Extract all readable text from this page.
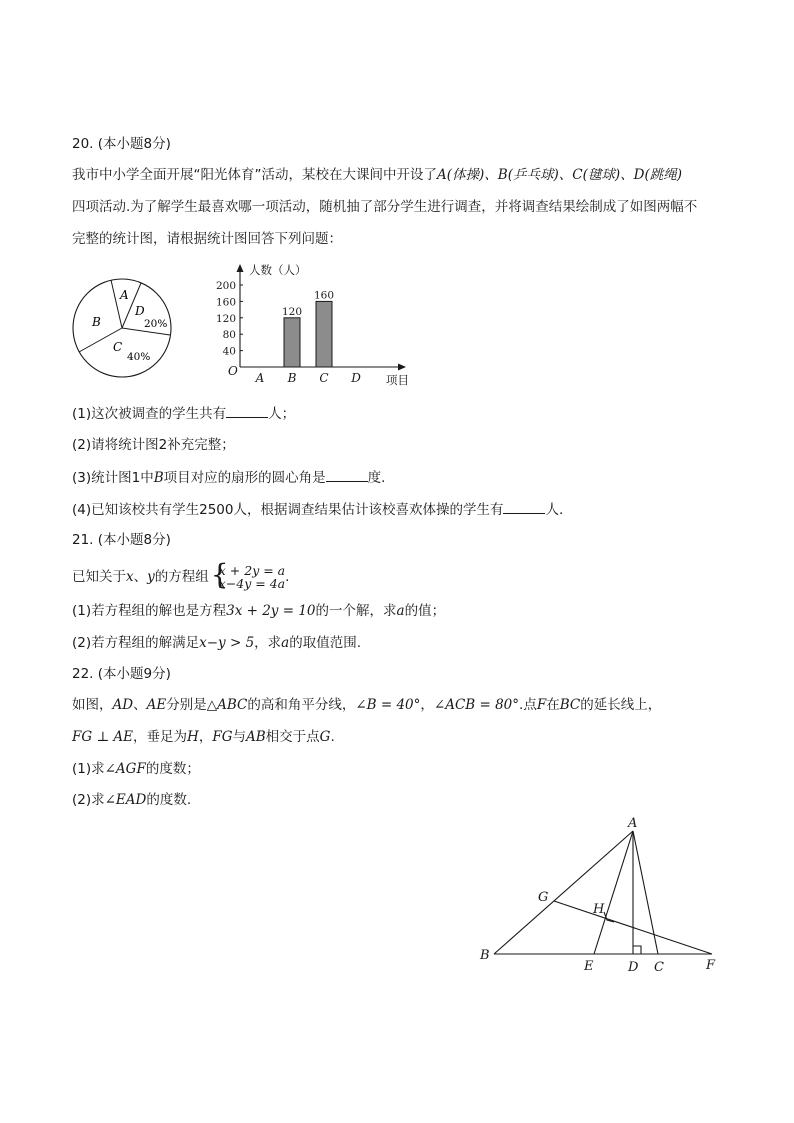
20. (本小题8分)
我市中小学全面开展“阳光体育”活动，某校在大课间中开设了A(体操)、B(乒乓球)、C(毽球)、D(跳绳)
四项活动.为了解学生最喜欢哪一项活动，随机抽了部分学生进行调查，并将调查结果绘制成了如图两幅不
完整的统计图，请根据统计图回答下列问题：
A
D
20%
B
C
40%	40
80
120
160
200
人数（人）
项目
O A B
120
C
160
D
(1)这次被调查的学生共有	人；
(2)请将统计图2补充完整；
(3)统计图1中B项目对应的扇形的圆心角是	度.
(4)已知该校共有学生2500人，根据调查结果估计该校喜欢体操的学生有	人.
21. (本小题8分)
已知关于x、y的方程组 {
x + 2y = a
x−4y = 4a .
(1)若方程组的解也是方程3x + 2y = 10的一个解，求a的值；
(2)若方程组的解满足x−y > 5，求a的取值范围.
22. (本小题9分)
如图，AD、AE分别是△ABC的高和角平分线，∠B = 40°，∠ACB = 80°.点F在BC的延长线上，
FG ⊥ AE，垂足为H，FG与AB相交于点G.
(1)求∠AGF的度数；
(2)求∠EAD的度数.
A
G
H
B
E	D C	F
